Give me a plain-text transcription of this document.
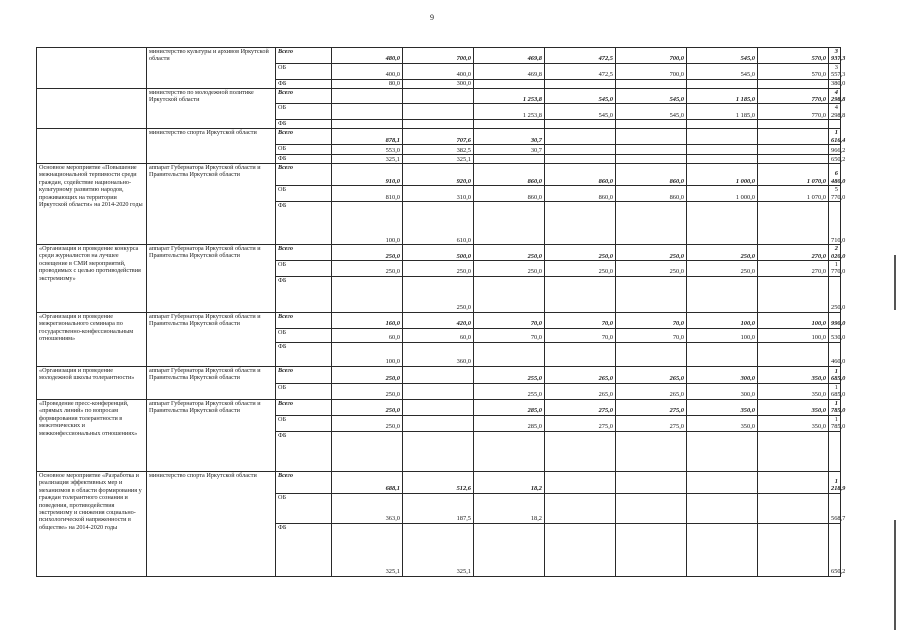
9
	министерство культуры и архивов Иркутской области	Всего	480,0	700,0	469,8	472,5	700,0	545,0	570,0	3 937,3	
		ОБ	400,0	400,0	469,8	472,5	700,0	545,0	570,0	3 557,3	
		ФБ	80,0	300,0						380,0	
	министерство по молодежной политике Иркутской области	Всего			1 253,8	545,0	545,0	1 185,0	770,0	4 298,8	
		ОБ			1 253,8	545,0	545,0	1 185,0	770,0	4 298,8	
		ФБ									
	министерство спорта Иркутской области	Всего	878,1	707,6	30,7					1 616,4	
		ОБ	553,0	382,5	30,7					966,2	
		ФБ	325,1	325,1						650,2	
Основное мероприятие «Повышение межнациональной терпимости среди граждан, содействие национально-культурному развитию народов, проживающих на территории Иркутской области» на 2014-2020 годы	аппарат Губернатора Иркутской области и Правительства Иркутской области	Всего	910,0	920,0	860,0	860,0	860,0	1 000,0	1 070,0	6 480,0	
		ОБ	810,0	310,0	860,0	860,0	860,0	1 000,0	1 070,0	5 770,0	
		ФБ	100,0	610,0						710,0	
«Организация и проведение конкурса среди журналистов на лучшее освещение в СМИ мероприятий, проводимых с целью противодействия экстремизму»	аппарат Губернатора Иркутской области и Правительства Иркутской области	Всего	250,0	500,0	250,0	250,0	250,0	250,0	270,0	2 020,0	
		ОБ	250,0	250,0	250,0	250,0	250,0	250,0	270,0	1 770,0	
		ФБ		250,0						250,0	
«Организация и проведение межрегионального семинара по государственно-конфессиональным отношениям»	аппарат Губернатора Иркутской области и Правительства Иркутской области	Всего	160,0	420,0	70,0	70,0	70,0	100,0	100,0	990,0	
		ОБ	60,0	60,0	70,0	70,0	70,0	100,0	100,0	530,0	
		ФБ	100,0	360,0						460,0	
«Организация и проведение молодежной школы толерантности»	аппарат Губернатора Иркутской области и Правительства Иркутской области	Всего	250,0		255,0	265,0	265,0	300,0	350,0	1 685,0	
		ОБ	250,0		255,0	265,0	265,0	300,0	350,0	1 685,0	
«Проведение пресс-конференций, «прямых линий» по вопросам формирования толерантности в межэтнических и межконфессиональных отношениях»	аппарат Губернатора Иркутской области и Правительства Иркутской области	Всего	250,0		285,0	275,0	275,0	350,0	350,0	1 785,0	
		ОБ	250,0		285,0	275,0	275,0	350,0	350,0	1 785,0	
		ФБ									
Основное мероприятие «Разработка и реализация эффективных мер и механизмов в области формирования у граждан толерантного сознания и поведения, противодействия экстремизму и снижения социально-психологической напряженности в обществе» на 2014-2020 годы	министерство спорта Иркутской области	Всего	688,1	512,6	18,2					1 218,9	
		ОБ	363,0	187,5	18,2					568,7	
		ФБ	325,1	325,1						650,2	
